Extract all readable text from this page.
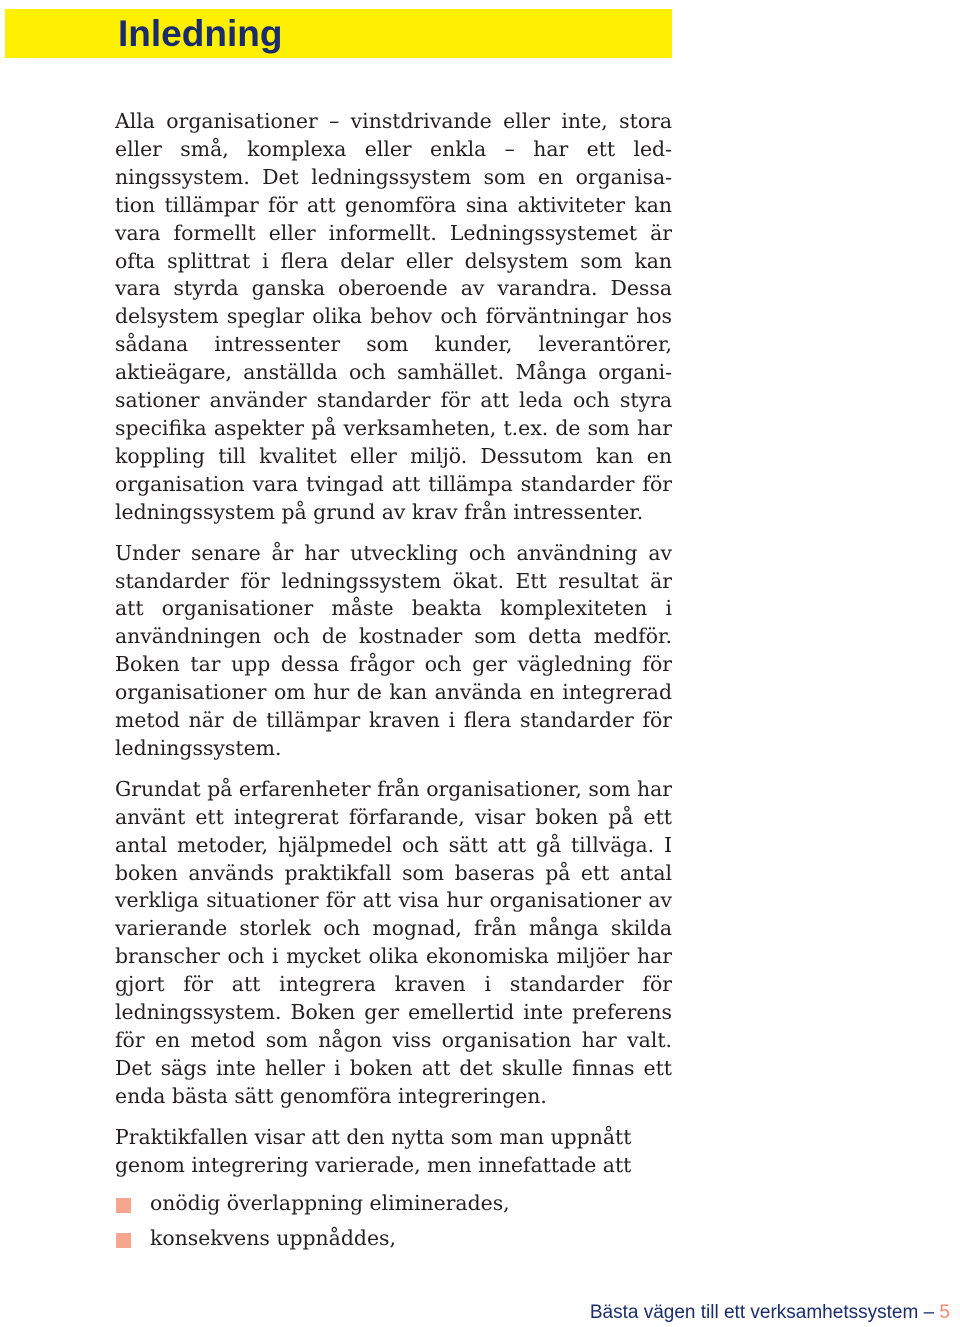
Inledning

Alla organisationer – vinstdrivande eller inte, stora eller små, komplexa eller enkla – har ett ledningssystem. Det ledningssystem som en organisation tillämpar för att genomföra sina aktiviteter kan vara formellt eller informellt. Ledningssystemet är ofta splittrat i flera delar eller delsystem som kan vara styrda ganska oberoende av varandra. Dessa delsystem speglar olika behov och förväntningar hos sådana intressenter som kunder, leverantörer, aktieägare, anställda och samhället. Många organisationer använder standarder för att leda och styra specifika aspekter på verksamheten, t.ex. de som har koppling till kvalitet eller miljö. Dessutom kan en organisation vara tvingad att tillämpa standarder för ledningssystem på grund av krav från intressenter.

Under senare år har utveckling och användning av standarder för ledningssystem ökat. Ett resultat är att organisationer måste beakta komplexiteten i användningen och de kostnader som detta medför. Boken tar upp dessa frågor och ger vägledning för organisationer om hur de kan använda en integrerad metod när de tillämpar kraven i flera standarder för ledningssystem.

Grundat på erfarenheter från organisationer, som har använt ett integrerat förfarande, visar boken på ett antal metoder, hjälpmedel och sätt att gå tillväga. I boken används praktikfall som baseras på ett antal verkliga situationer för att visa hur organisationer av varierande storlek och mognad, från många skilda branscher och i mycket olika ekonomiska miljöer har gjort för att integrera kraven i standarder för ledningssystem. Boken ger emellertid inte preferens för en metod som någon viss organisation har valt. Det sägs inte heller i boken att det skulle finnas ett enda bästa sätt genomföra integreringen.

Praktikfallen visar att den nytta som man uppnått genom integrering varierade, men innefattade att

onödig överlappning eliminerades,
konsekvens uppnåddes,
Bästa vägen till ett verksamhetssystem – 5
